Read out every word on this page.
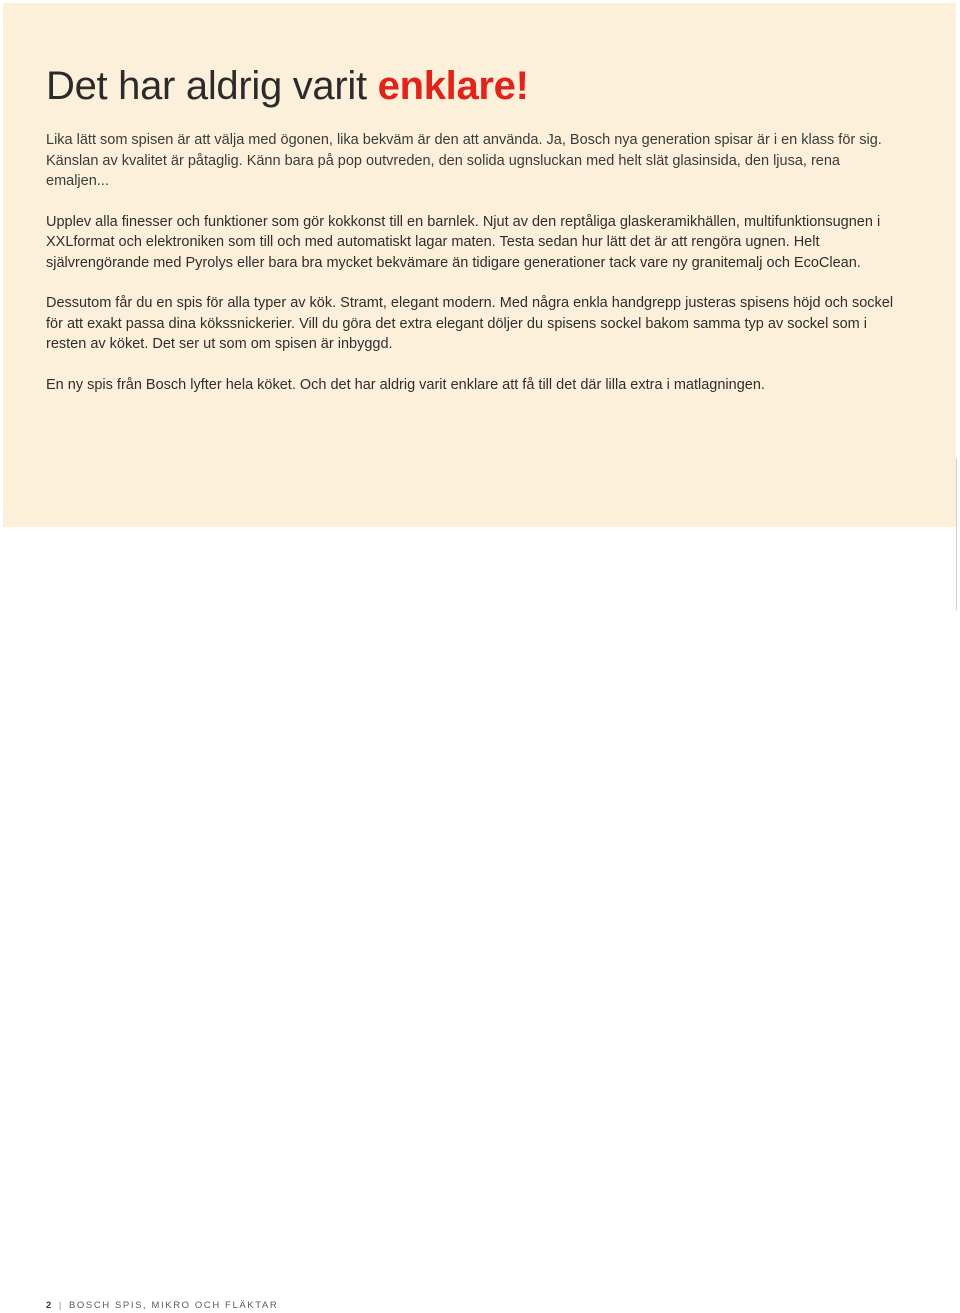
Det har aldrig varit enklare!

Lika lätt som spisen är att välja med ögonen, lika bekväm är den att använda. Ja, Bosch nya generation spisar är i en klass för sig. Känslan av kvalitet är påtaglig. Känn bara på pop outvreden, den solida ugnsluckan med helt slät glasinsida, den ljusa, rena emaljen...

Upplev alla finesser och funktioner som gör kokkonst till en barnlek. Njut av den reptåliga glaskeramikhällen, multifunktionsugnen i XXLformat och elektroniken som till och med automatiskt lagar maten. Testa sedan hur lätt det är att rengöra ugnen. Helt självrengörande med Pyrolys eller bara bra mycket bekvämare än tidigare generationer tack vare ny granitemalj och EcoClean.

Dessutom får du en spis för alla typer av kök. Stramt, elegant modern. Med några enkla handgrepp justeras spisens höjd och sockel för att exakt passa dina kökssnickerier. Vill du göra det extra elegant döljer du spisens sockel bakom samma typ av sockel som i resten av köket. Det ser ut som om spisen är inbyggd.

En ny spis från Bosch lyfter hela köket. Och det har aldrig varit enklare att få till det där lilla extra i matlagningen.

2 | BOSCH SPIS, MIKRO OCH FLÄKTAR
